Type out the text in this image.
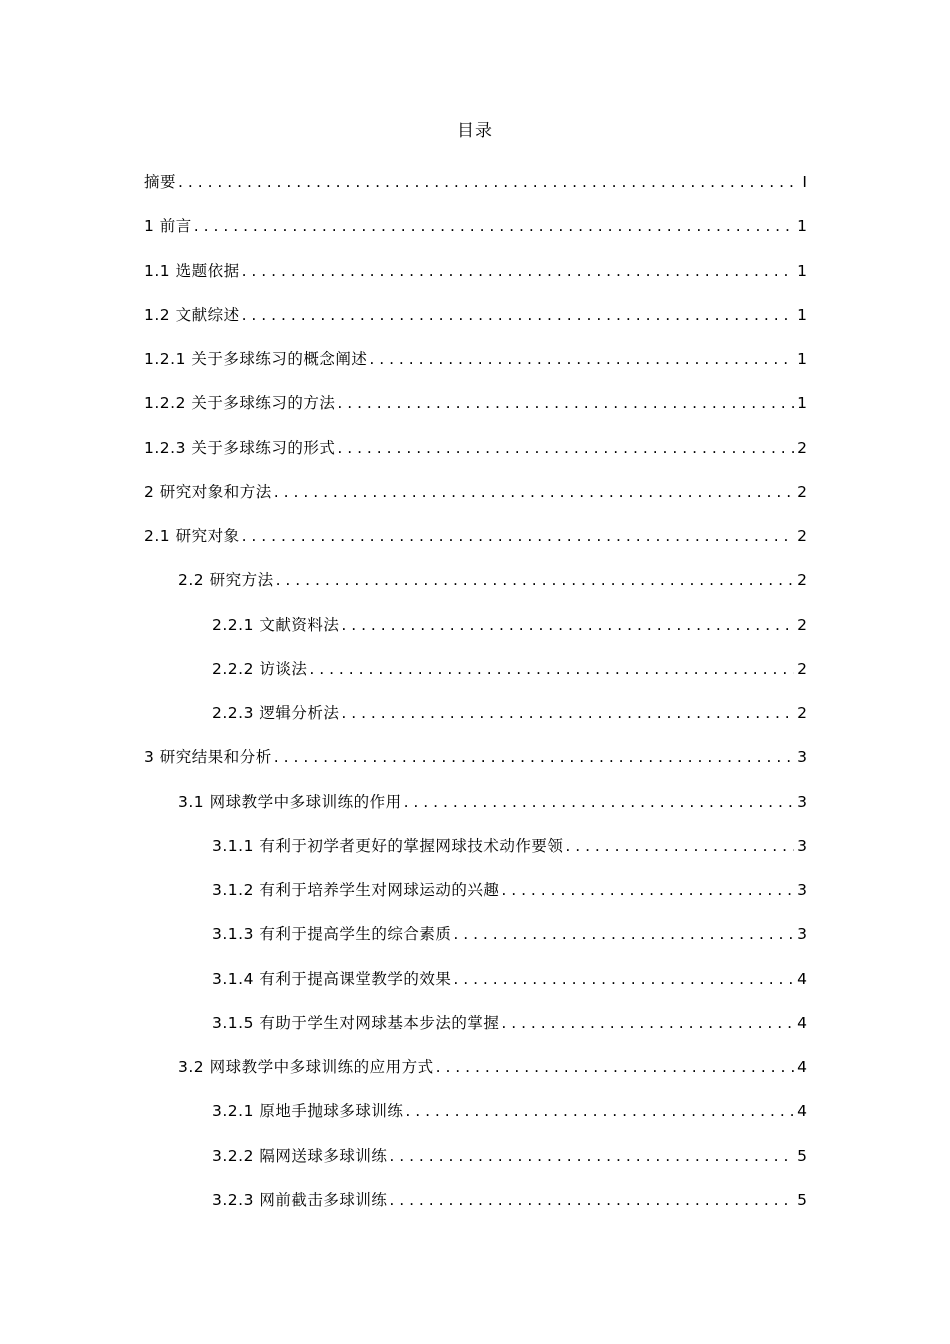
目录
摘要 . . .	I
1 前言 . . .	1
1.1 选题依据 . . .	1
1.2 文献综述 . . .	1
1.2.1 关于多球练习的概念阐述 . . .	1
1.2.2 关于多球练习的方法 . . .	1
1.2.3 关于多球练习的形式 . . .	2
2 研究对象和方法 . . .	2
2.1 研究对象 . . .	2
2.2 研究方法 . . .	2
2.2.1 文献资料法 . . .	2
2.2.2 访谈法 . . .	2
2.2.3 逻辑分析法 . . .	2
3 研究结果和分析 . . .	3
3.1 网球教学中多球训练的作用 . . .	3
3.1.1 有利于初学者更好的掌握网球技术动作要领 . . .	3
3.1.2 有利于培养学生对网球运动的兴趣 . . .	3
3.1.3 有利于提高学生的综合素质 . . .	3
3.1.4 有利于提高课堂教学的效果 . . .	4
3.1.5 有助于学生对网球基本步法的掌握 . . .	4
3.2 网球教学中多球训练的应用方式 . . .	4
3.2.1 原地手抛球多球训练 . . .	4
3.2.2 隔网送球多球训练 . . .	5
3.2.3 网前截击多球训练 . . .	5
